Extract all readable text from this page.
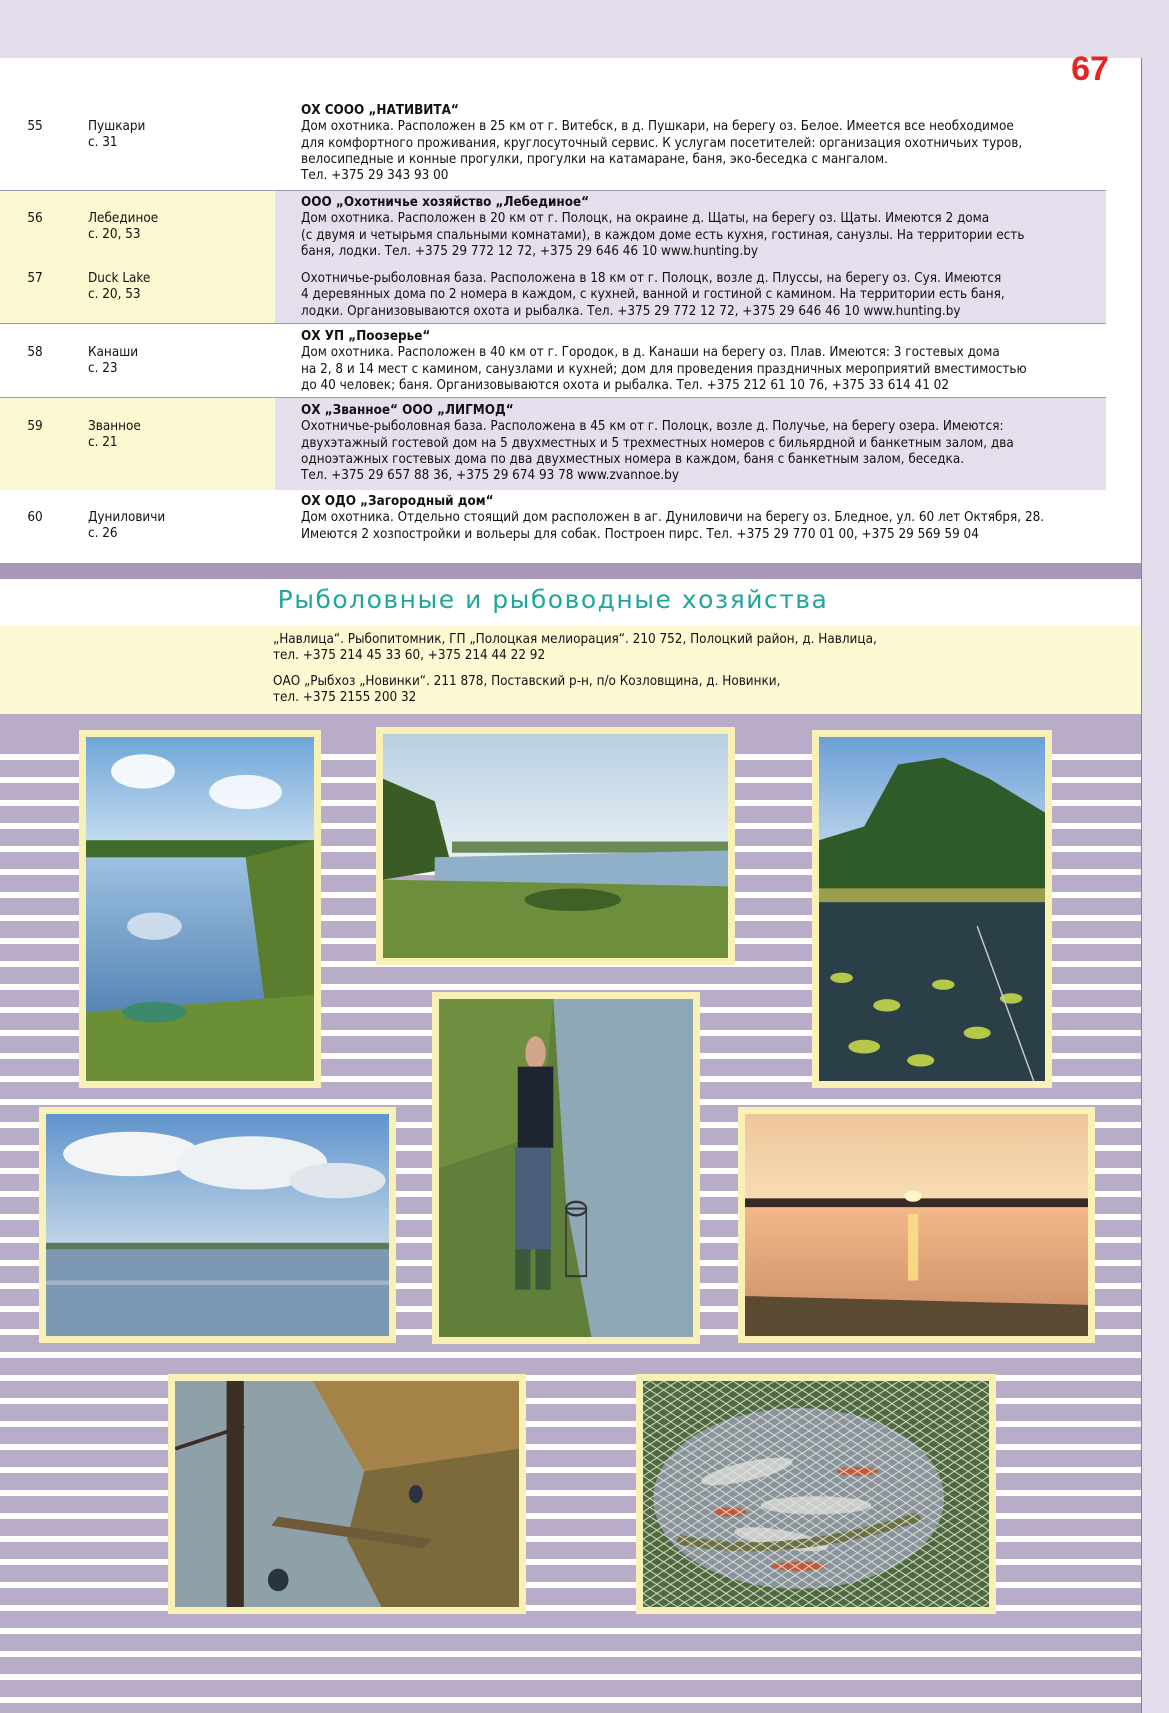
67
55	Пушкари
с. 31
ОХ СООО „НАТИВИТА“
Дом охотника. Расположен в 25 км от г. Витебск, в д. Пушкари, на берегу оз. Белое. Имеется все необходимое
для комфортного проживания, круглосуточный сервис. К услугам посетителей: организация охотничьих туров,
велосипедные и конные прогулки, прогулки на катамаране, баня, эко-беседка с мангалом.
Тел. +375 29 343 93 00
56	Лебединое
с. 20, 53
ООО „Охотничье хозяйство „Лебединое“
Дом охотника. Расположен в 20 км от г. Полоцк, на окраине д. Щаты, на берегу оз. Щаты. Имеются 2 дома
(с двумя и четырьмя спальными комнатами), в каждом доме есть кухня, гостиная, санузлы. На территории есть
баня, лодки. Тел. +375 29 772 12 72, +375 29 646 46 10 www.hunting.by
57	Duck Lake
с. 20, 53
Охотничье-рыболовная база. Расположена в 18 км от г. Полоцк, возле д. Плуссы, на берегу оз. Суя. Имеются
4 деревянных дома по 2 номера в каждом, с кухней, ванной и гостиной с камином. На территории есть баня,
лодки. Организовываются охота и рыбалка. Тел. +375 29 772 12 72, +375 29 646 46 10 www.hunting.by
58	Канаши
с. 23
ОХ УП „Поозерье“
Дом охотника. Расположен в 40 км от г. Городок, в д. Канаши на берегу оз. Плав. Имеются: 3 гостевых дома
на 2, 8 и 14 мест с камином, санузлами и кухней; дом для проведения праздничных мероприятий вместимостью
до 40 человек; баня. Организовываются охота и рыбалка. Тел. +375 212 61 10 76, +375 33 614 41 02
59	Званное
с. 21
ОХ „Званное“ ООО „ЛИГМОД“
Охотничье-рыболовная база. Расположена в 45 км от г. Полоцк, возле д. Получье, на берегу озера. Имеются:
двухэтажный гостевой дом на 5 двухместных и 5 трехместных номеров с бильярдной и банкетным залом, два
одноэтажных гостевых дома по два двухместных номера в каждом, баня с банкетным залом, беседка.
Тел. +375 29 657 88 36, +375 29 674 93 78 www.zvannoe.by
60	Дуниловичи
с. 26
ОХ ОДО „Загородный дом“
Дом охотника. Отдельно стоящий дом расположен в аг. Дуниловичи на берегу оз. Бледное, ул. 60 лет Октября, 28.
Имеются 2 хозпостройки и вольеры для собак. Построен пирс. Тел. +375 29 770 01 00, +375 29 569 59 04
Рыболовные и рыбоводные хозяйства
„Навлица“. Рыбопитомник, ГП „Полоцкая мелиорация“. 210 752, Полоцкий район, д. Навлица,
тел. +375 214 45 33 60, +375 214 44 22 92
ОАО „Рыбхоз „Новинки“. 211 878, Поставский р-н, п/о Козловщина, д. Новинки,
тел. +375 2155 200 32
